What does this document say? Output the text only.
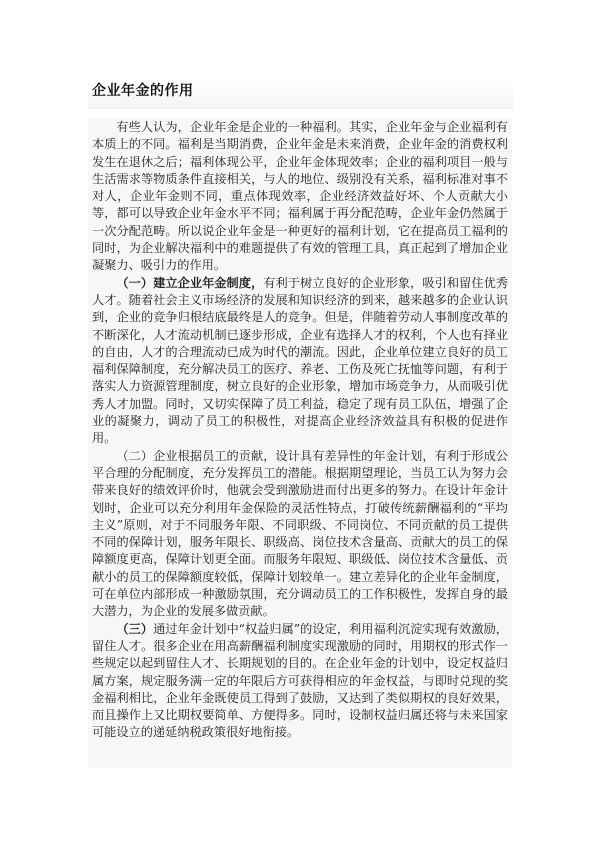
企业年金的作用

有些人认为，企业年金是企业的一种福利。其实，企业年金与企业福利有本质上的不同。福利是当期消费，企业年金是未来消费，企业年金的消费权利发生在退休之后；福利体现公平，企业年金体现效率；企业的福利项目一般与生活需求等物质条件直接相关，与人的地位、级别没有关系，福利标准对事不对人，企业年金则不同，重点体现效率，企业经济效益好坏、个人贡献大小等，都可以导致企业年金水平不同；福利属于再分配范畴，企业年金仍然属于一次分配范畴。所以说企业年金是一种更好的福利计划，它在提高员工福利的同时，为企业解决福利中的难题提供了有效的管理工具，真正起到了增加企业凝聚力、吸引力的作用。

（一）建立企业年金制度，有利于树立良好的企业形象，吸引和留住优秀人才。随着社会主义市场经济的发展和知识经济的到来，越来越多的企业认识到，企业的竞争归根结底最终是人的竞争。但是，伴随着劳动人事制度改革的不断深化，人才流动机制已逐步形成，企业有选择人才的权利，个人也有择业的自由，人才的合理流动已成为时代的潮流。因此，企业单位建立良好的员工福利保障制度，充分解决员工的医疗、养老、工伤及死亡抚恤等问题，有利于落实人力资源管理制度，树立良好的企业形象，增加市场竞争力，从而吸引优秀人才加盟。同时，又切实保障了员工利益，稳定了现有员工队伍，增强了企业的凝聚力，调动了员工的积极性，对提高企业经济效益具有积极的促进作用。

（二）企业根据员工的贡献，设计具有差异性的年金计划，有利于形成公平合理的分配制度，充分发挥员工的潜能。根据期望理论，当员工认为努力会带来良好的绩效评价时，他就会受到激励进而付出更多的努力。在设计年金计划时，企业可以充分利用年金保险的灵活性特点，打破传统薪酬福利的“平均主义”原则，对于不同服务年限、不同职级、不同岗位、不同贡献的员工提供不同的保障计划，服务年限长、职级高、岗位技术含量高、贡献大的员工的保障额度更高，保障计划更全面。而服务年限短、职级低、岗位技术含量低、贡献小的员工的保障额度较低，保障计划较单一。建立差异化的企业年金制度，可在单位内部形成一种激励氛围，充分调动员工的工作积极性，发挥自身的最大潜力，为企业的发展多做贡献。

（三）通过年金计划中“权益归属”的设定，利用福利沉淀实现有效激励，留住人才。很多企业在用高薪酬福利制度实现激励的同时，用期权的形式作一些规定以起到留住人才、长期规划的目的。在企业年金的计划中，设定权益归属方案，规定服务满一定的年限后方可获得相应的年金权益，与即时兑现的奖金福利相比，企业年金既使员工得到了鼓励，又达到了类似期权的良好效果，而且操作上又比期权要简单、方便得多。同时，设制权益归属还将与未来国家可能设立的递延纳税政策很好地衔接。
